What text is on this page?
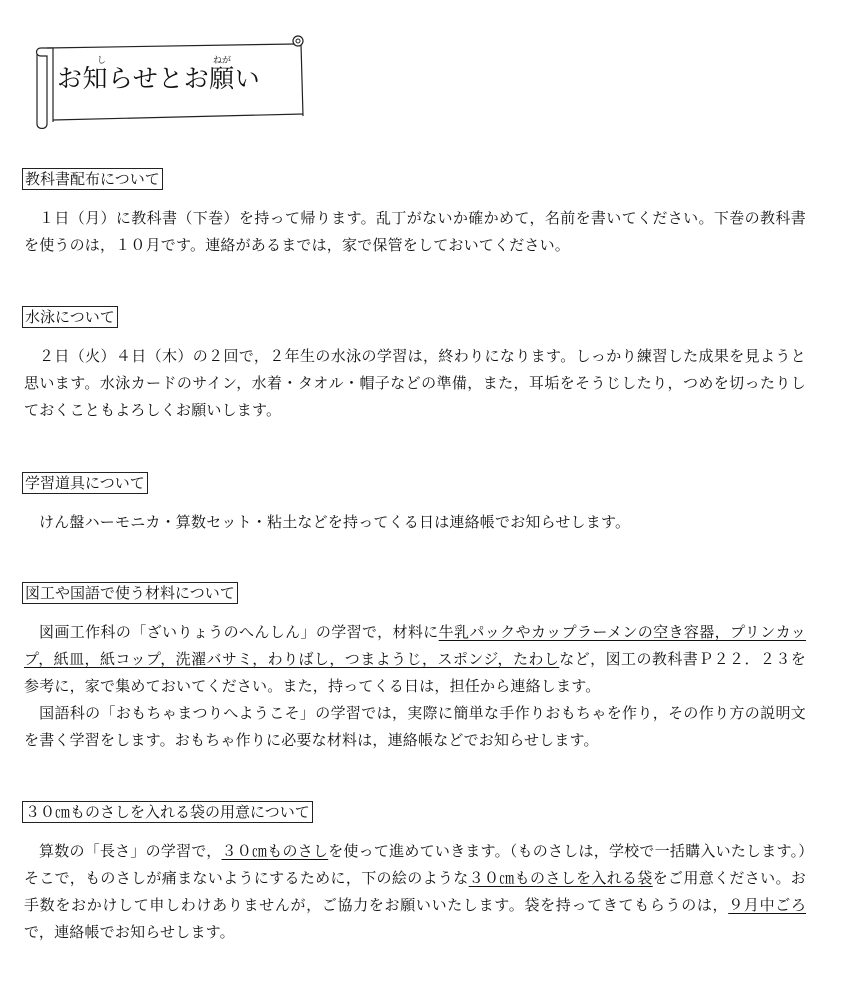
し	ねが
お知らせとお願い
教科書配布について

１日（月）に教科書（下巻）を持って帰ります。乱丁がないか確かめて，名前を書いてください。下巻の教科書を使うのは，１０月です。連絡があるまでは，家で保管をしておいてください。

水泳について

２日（火）４日（木）の２回で，２年生の水泳の学習は，終わりになります。しっかり練習した成果を見ようと思います。水泳カードのサイン，水着・タオル・帽子などの準備，また，耳垢をそうじしたり，つめを切ったりしておくこともよろしくお願いします。

学習道具について

けん盤ハーモニカ・算数セット・粘土などを持ってくる日は連絡帳でお知らせします。

図工や国語で使う材料について

図画工作科の「ざいりょうのへんしん」の学習で，材料に牛乳パックやカップラーメンの空き容器，プリンカップ，紙皿，紙コップ，洗濯バサミ，わりばし，つまようじ，スポンジ，たわしなど，図工の教科書Ｐ２２．２３を参考に，家で集めておいてください。また，持ってくる日は，担任から連絡します。
国語科の「おもちゃまつりへようこそ」の学習では，実際に簡単な手作りおもちゃを作り，その作り方の説明文を書く学習をします。おもちゃ作りに必要な材料は，連絡帳などでお知らせします。

３０㎝ものさしを入れる袋の用意について

算数の「長さ」の学習で，３０㎝ものさしを使って進めていきます。（ものさしは，学校で一括購入いたします。）そこで，ものさしが痛まないようにするために，下の絵のような３０㎝ものさしを入れる袋をご用意ください。お手数をおかけして申しわけありませんが，ご協力をお願いいたします。袋を持ってきてもらうのは，９月中ごろで，連絡帳でお知らせします。
